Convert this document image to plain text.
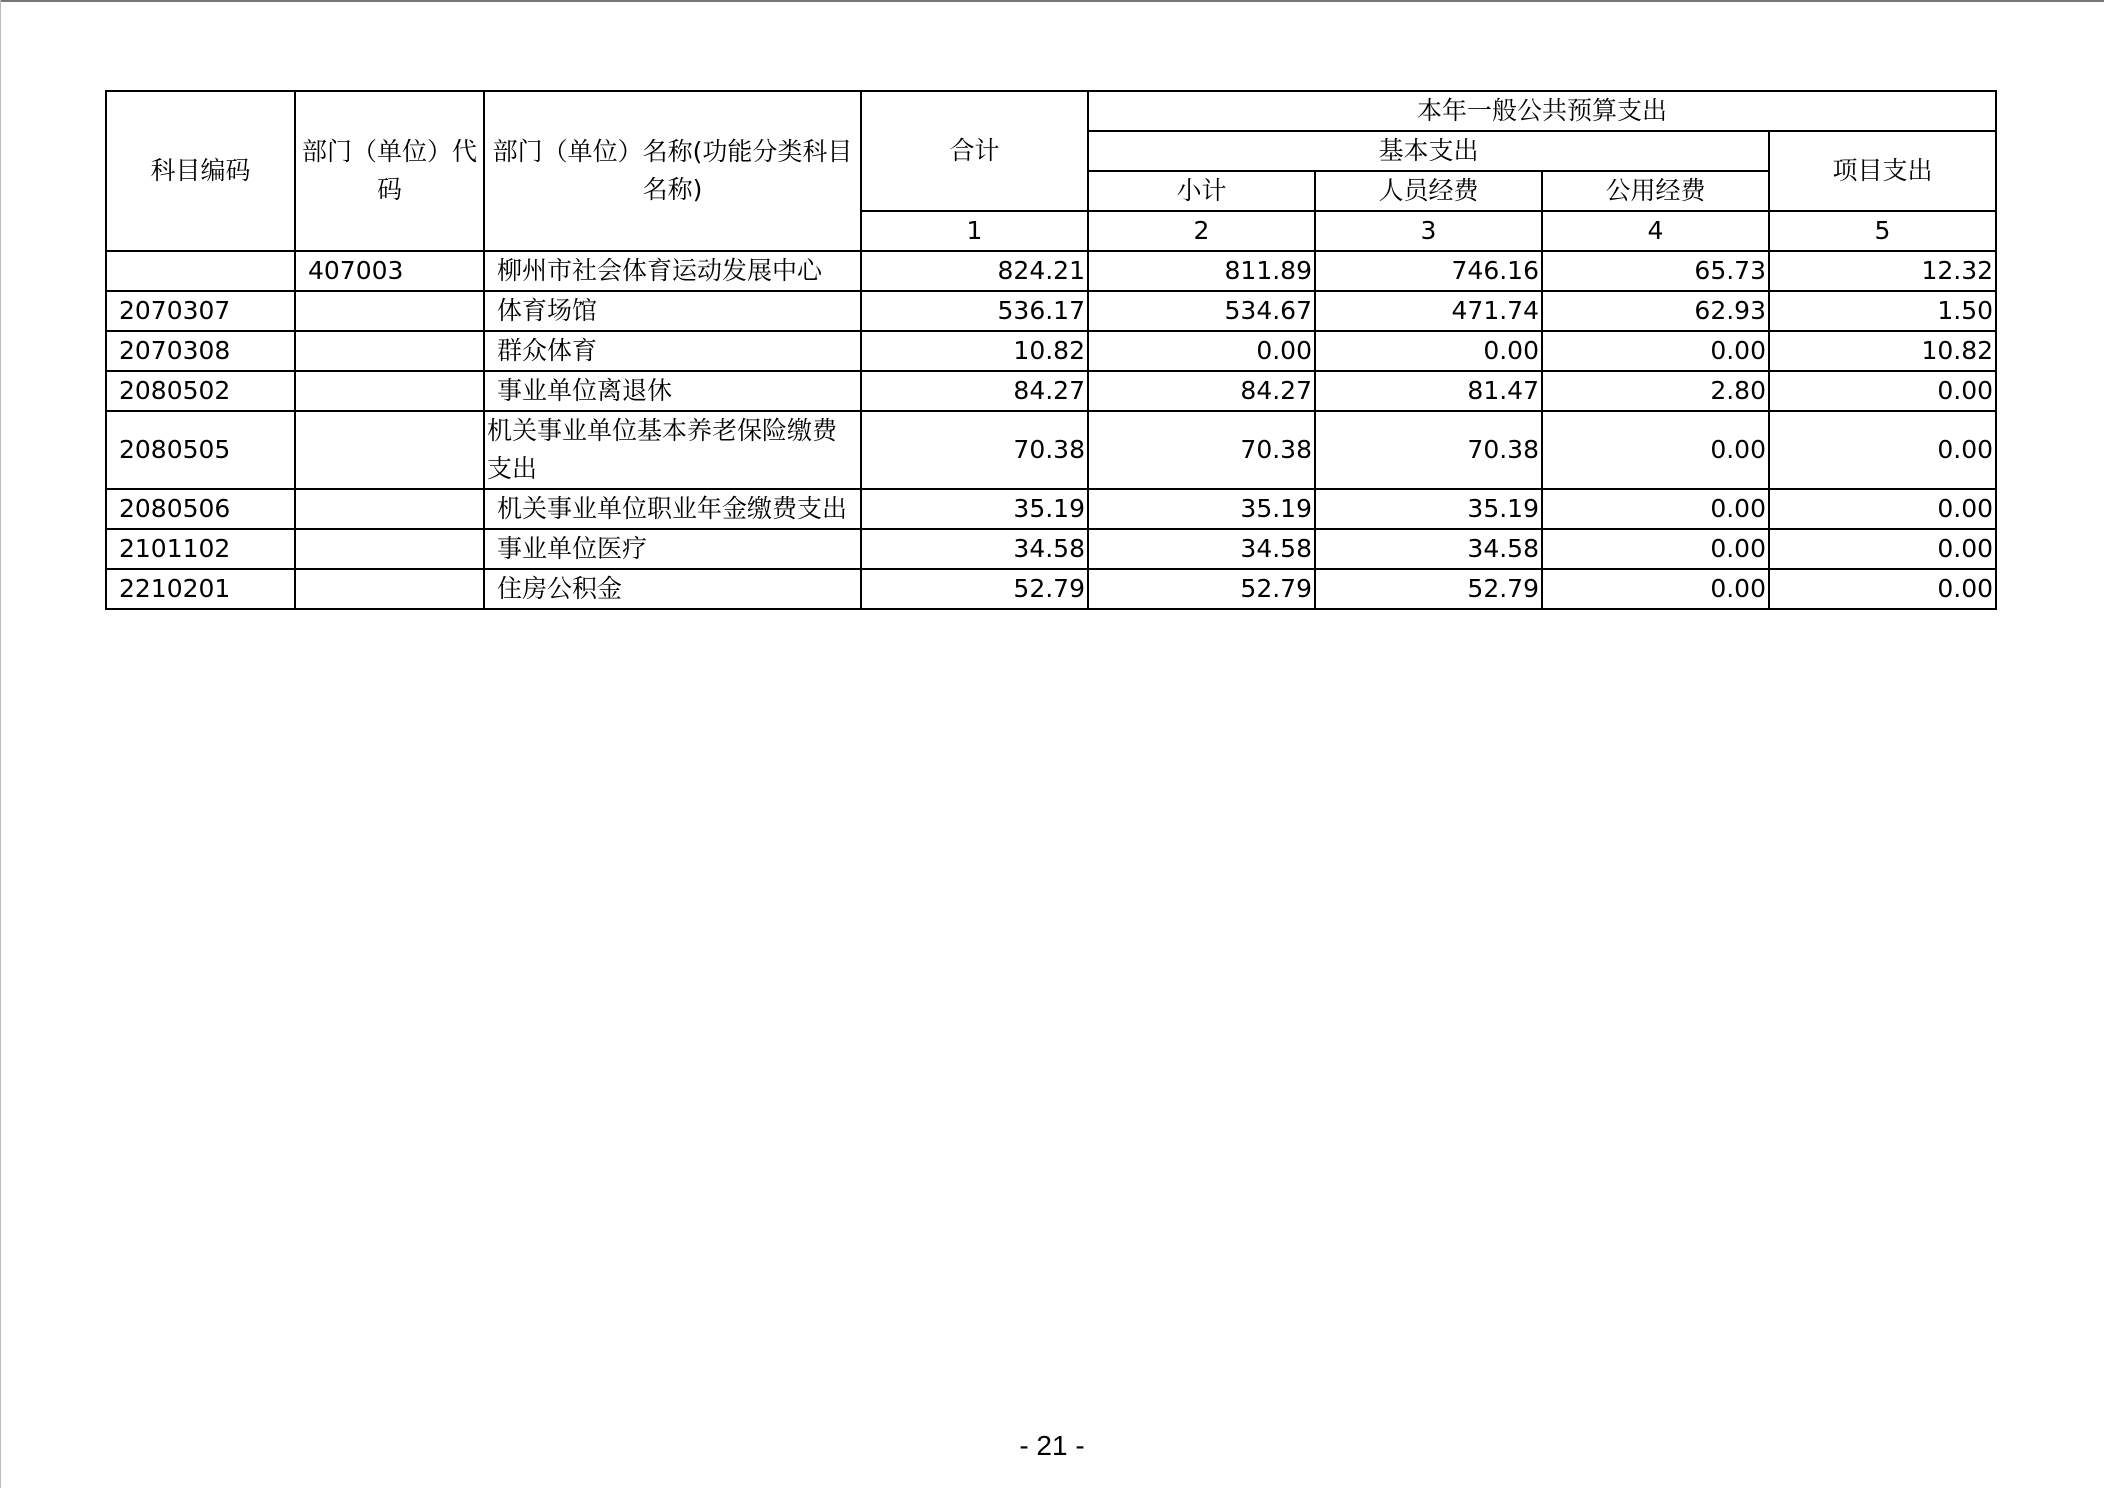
科目编码	部门（单位）代码	部门（单位）名称(功能分类科目名称)	合计	本年一般公共预算支出			
				基本支出			项目支出
				小计	人员经费	公用经费	
			1	2	3	4	5
	407003	柳州市社会体育运动发展中心	824.21	811.89	746.16	65.73	12.32
2070307		体育场馆	536.17	534.67	471.74	62.93	1.50
2070308		群众体育	10.82	0.00	0.00	0.00	10.82
2080502		事业单位离退休	84.27	84.27	81.47	2.80	0.00
2080505		机关事业单位基本养老保险缴费支出	70.38	70.38	70.38	0.00	0.00
2080506		机关事业单位职业年金缴费支出	35.19	35.19	35.19	0.00	0.00
2101102		事业单位医疗	34.58	34.58	34.58	0.00	0.00
2210201		住房公积金	52.79	52.79	52.79	0.00	0.00
- 21 -
